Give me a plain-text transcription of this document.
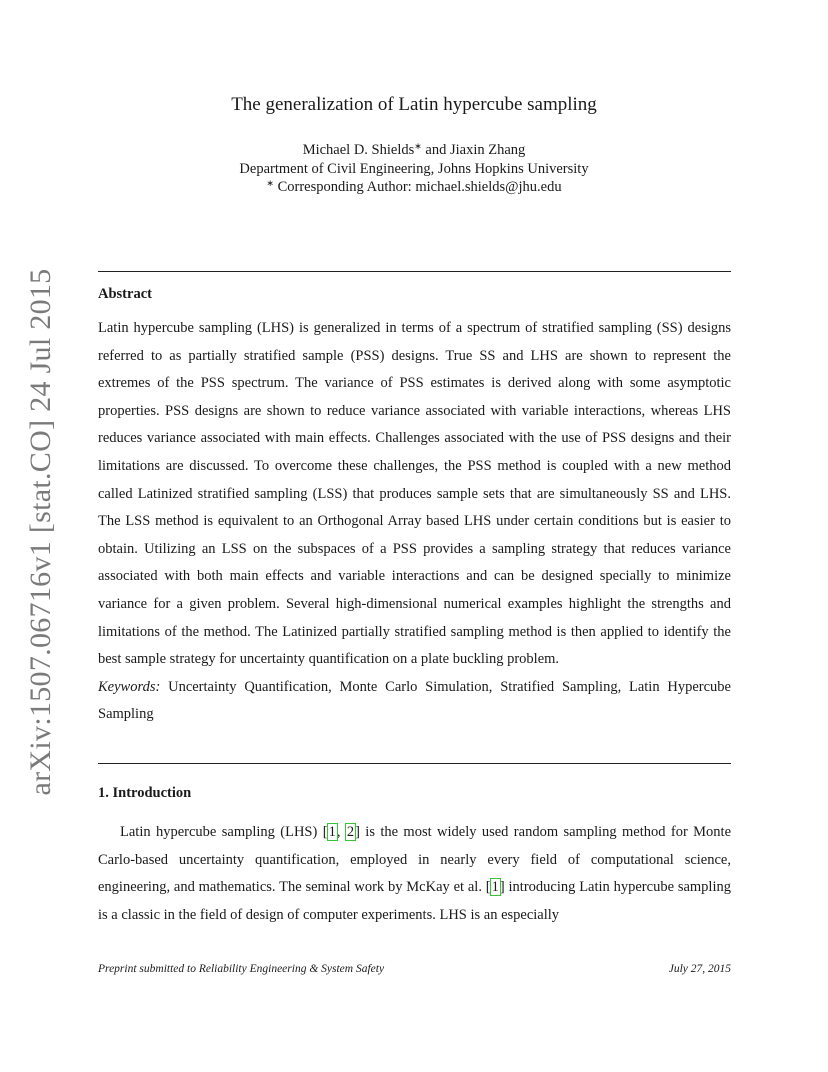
arXiv:1507.06716v1 [stat.CO] 24 Jul 2015
The generalization of Latin hypercube sampling
Michael D. Shields∗ and Jiaxin Zhang
Department of Civil Engineering, Johns Hopkins University
∗ Corresponding Author: michael.shields@jhu.edu
Abstract

Latin hypercube sampling (LHS) is generalized in terms of a spectrum of stratified sampling (SS) designs referred to as partially stratified sample (PSS) designs. True SS and LHS are shown to represent the extremes of the PSS spectrum. The variance of PSS estimates is derived along with some asymptotic properties. PSS designs are shown to reduce variance associated with variable interactions, whereas LHS reduces variance associated with main effects. Challenges associated with the use of PSS designs and their limitations are discussed. To overcome these challenges, the PSS method is coupled with a new method called Latinized stratified sampling (LSS) that produces sample sets that are simultaneously SS and LHS. The LSS method is equivalent to an Orthogonal Array based LHS under certain conditions but is easier to obtain. Utilizing an LSS on the subspaces of a PSS provides a sampling strategy that reduces variance associated with both main effects and variable interactions and can be designed specially to minimize variance for a given problem. Several high-dimensional numerical examples highlight the strengths and limitations of the method. The Latinized partially stratified sampling method is then applied to identify the best sample strategy for uncertainty quantification on a plate buckling problem.

Keywords: Uncertainty Quantification, Monte Carlo Simulation, Stratified Sampling, Latin Hypercube Sampling

1. Introduction

Latin hypercube sampling (LHS) [1, 2] is the most widely used random sampling method for Monte Carlo-based uncertainty quantification, employed in nearly every field of computational science, engineering, and mathematics. The seminal work by McKay et al. [1] introducing Latin hypercube sampling is a classic in the field of design of computer experiments. LHS is an especially

Preprint submitted to Reliability Engineering & System Safety	July 27, 2015
